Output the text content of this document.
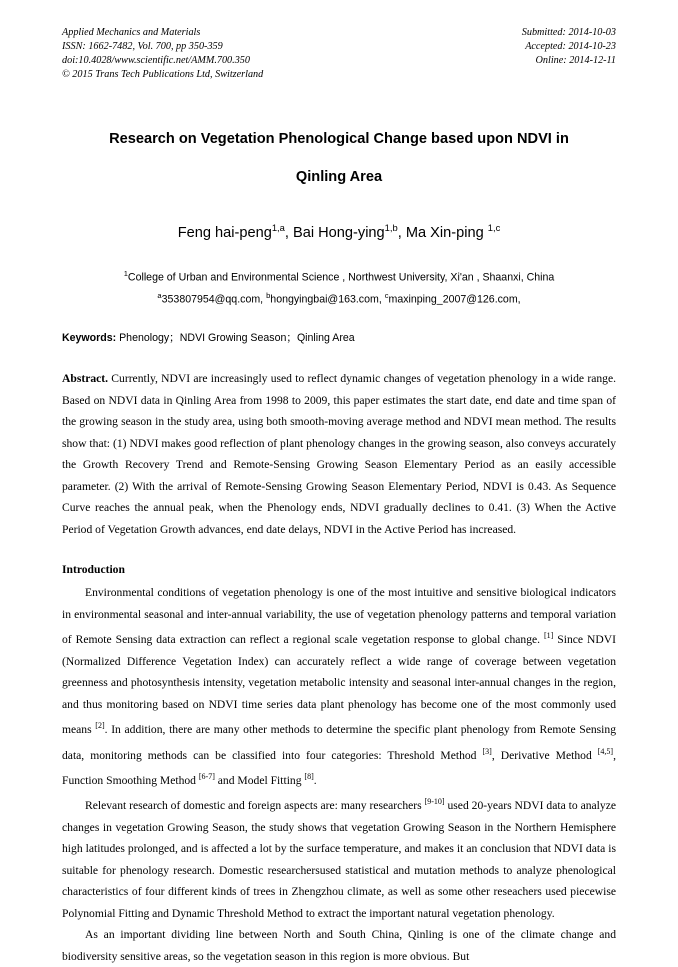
Applied Mechanics and Materials
ISSN: 1662-7482, Vol. 700, pp 350-359
doi:10.4028/www.scientific.net/AMM.700.350
© 2015 Trans Tech Publications Ltd, Switzerland
Submitted: 2014-10-03
Accepted: 2014-10-23
Online: 2014-12-11
Research on Vegetation Phenological Change based upon NDVI in
Qinling Area
Feng hai-peng$^{1,a}$, Bai Hong-ying$^{1,b}$, Ma Xin-ping $^{1,c}$
$^1$College of Urban and Environmental Science , Northwest University, Xi'an , Shaanxi, China
$^a$353807954@qq.com, $^b$hongyingbai@163.com, $^c$maxinping_2007@126.com,
Keywords: Phenology；NDVI Growing Season；Qinling Area
Abstract. Currently, NDVI are increasingly used to reflect dynamic changes of vegetation phenology in a wide range. Based on NDVI data in Qinling Area from 1998 to 2009, this paper estimates the start date, end date and time span of the growing season in the study area, using both smooth-moving average method and NDVI mean method. The results show that: (1) NDVI makes good reflection of plant phenology changes in the growing season, also conveys accurately the Growth Recovery Trend and Remote-Sensing Growing Season Elementary Period as an easily accessible parameter. (2) With the arrival of Remote-Sensing Growing Season Elementary Period, NDVI is 0.43. As Sequence Curve reaches the annual peak, when the Phenology ends, NDVI gradually declines to 0.41. (3) When the Active Period of Vegetation Growth advances, end date delays, NDVI in the Active Period has increased.
Introduction

Environmental conditions of vegetation phenology is one of the most intuitive and sensitive biological indicators in environmental seasonal and inter-annual variability, the use of vegetation phenology patterns and temporal variation of Remote Sensing data extraction can reflect a regional scale vegetation response to global change. [1] Since NDVI (Normalized Difference Vegetation Index) can accurately reflect a wide range of coverage between vegetation greenness and photosynthesis intensity, vegetation metabolic intensity and seasonal inter-annual changes in the region, and thus monitoring based on NDVI time series data plant phenology has become one of the most commonly used means [2]. In addition, there are many other methods to determine the specific plant phenology from Remote Sensing data, monitoring methods can be classified into four categories: Threshold Method [3], Derivative Method [4,5], Function Smoothing Method [6-7] and Model Fitting [8].

Relevant research of domestic and foreign aspects are: many researchers [9-10] used 20-years NDVI data to analyze changes in vegetation Growing Season, the study shows that vegetation Growing Season in the Northern Hemisphere high latitudes prolonged, and is affected a lot by the surface temperature, and makes it an conclusion that NDVI data is suitable for phenology research. Domestic researchersused statistical and mutation methods to analyze phenological characteristics of four different kinds of trees in Zhengzhou climate, as well as some other reseachers used piecewise Polynomial Fitting and Dynamic Threshold Method to extract the important natural vegetation phenology.

As an important dividing line between North and South China, Qinling is one of the climate change and biodiversity sensitive areas, so the vegetation season in this region is more obvious. But
